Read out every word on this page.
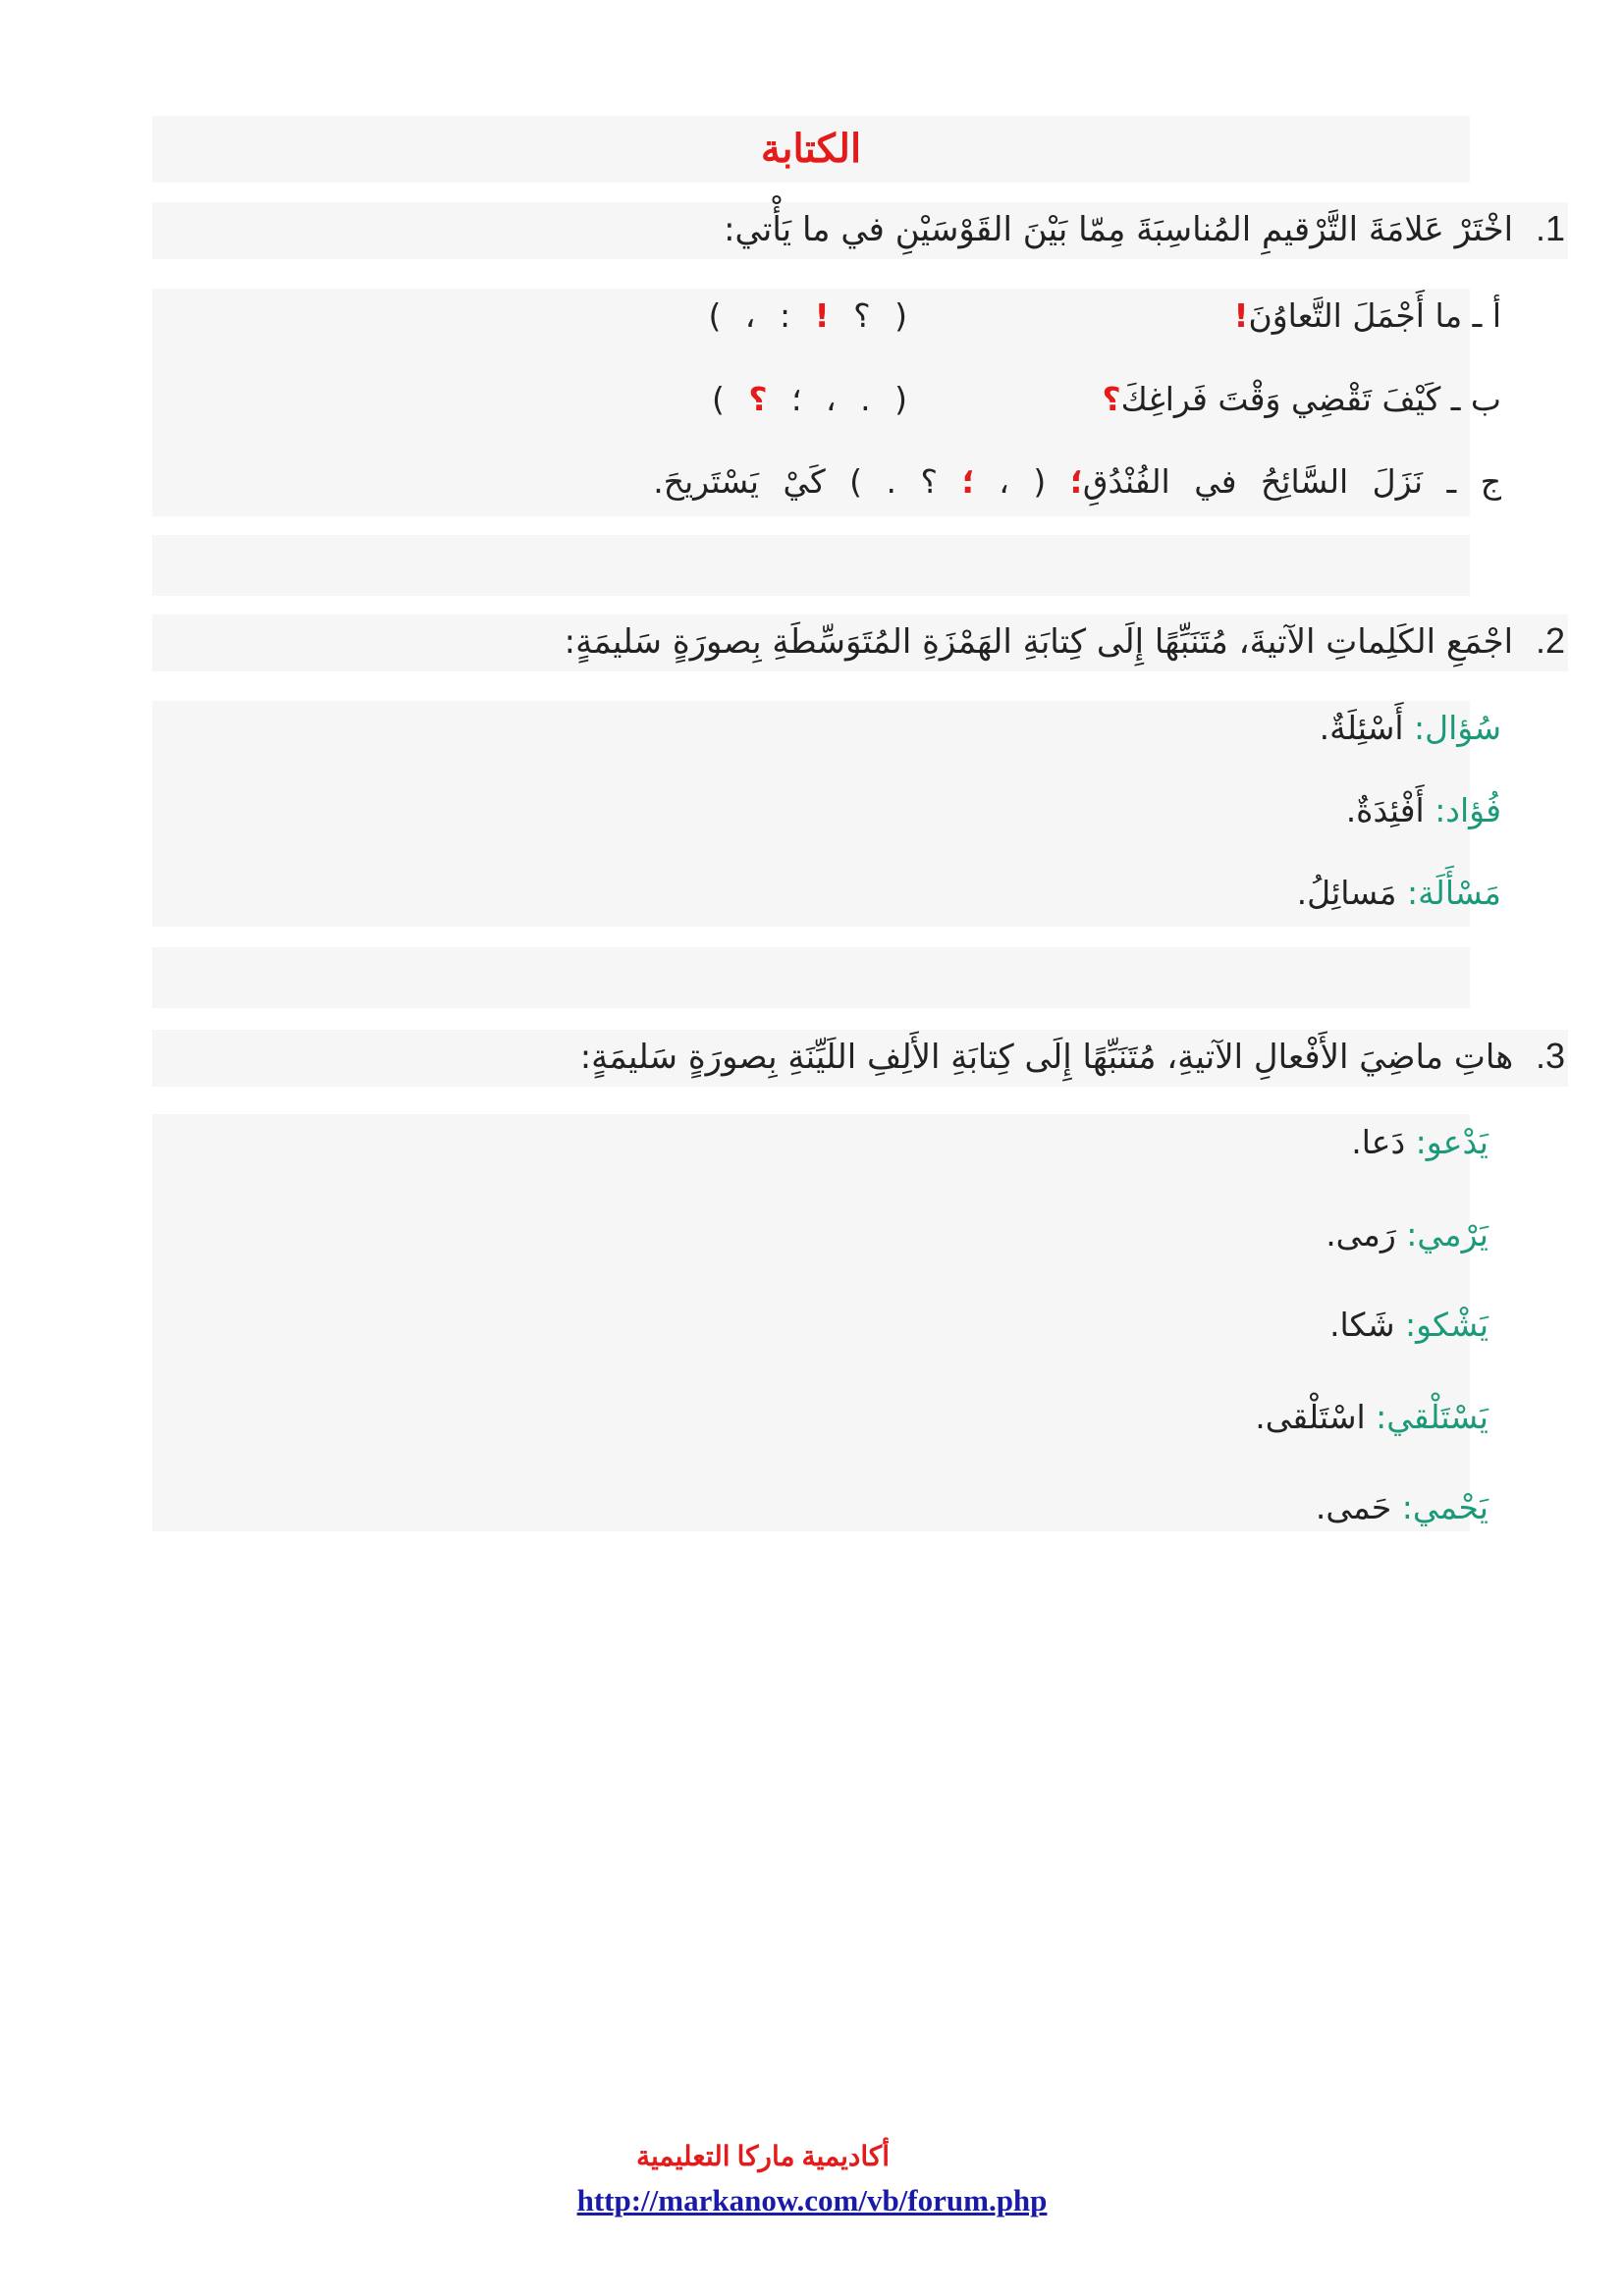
الكتابة
1. اخْتَرْ عَلامَةَ التَّرْقيمِ المُناسِبَةَ مِمّا بَيْنَ القَوْسَيْنِ في ما يَأْتي:
أ ـ ما أَجْمَلَ التَّعاوُنَ!
( ؟ ! : ، )
ب ـ كَيْفَ تَقْضِي وَقْتَ فَراغِكَ؟
( . ، ؛ ؟ )
ج ـ نَزَلَ السَّائِحُ في الفُنْدُقِ؛ ( ، ؛ ؟ . ) كَيْ يَسْتَريحَ.
2. اجْمَعِ الكَلِماتِ الآتيةَ، مُتَنَبِّهًا إِلَى كِتابَةِ الهَمْزَةِ المُتَوَسِّطَةِ بِصورَةٍ سَليمَةٍ:
سُؤال: أَسْئِلَةٌ.
فُؤاد: أَفْئِدَةٌ.
مَسْأَلَة: مَسائِلُ.
3. هاتِ ماضِيَ الأَفْعالِ الآتيةِ، مُتَنَبِّهًا إِلَى كِتابَةِ الأَلِفِ اللَيِّنَةِ بِصورَةٍ سَليمَةٍ:
يَدْعو: دَعا.
يَرْمي: رَمى.
يَشْكو: شَكا.
يَسْتَلْقي: اسْتَلْقى.
يَحْمي: حَمى.
أكاديمية ماركا التعليمية
http://markanow.com/vb/forum.php
